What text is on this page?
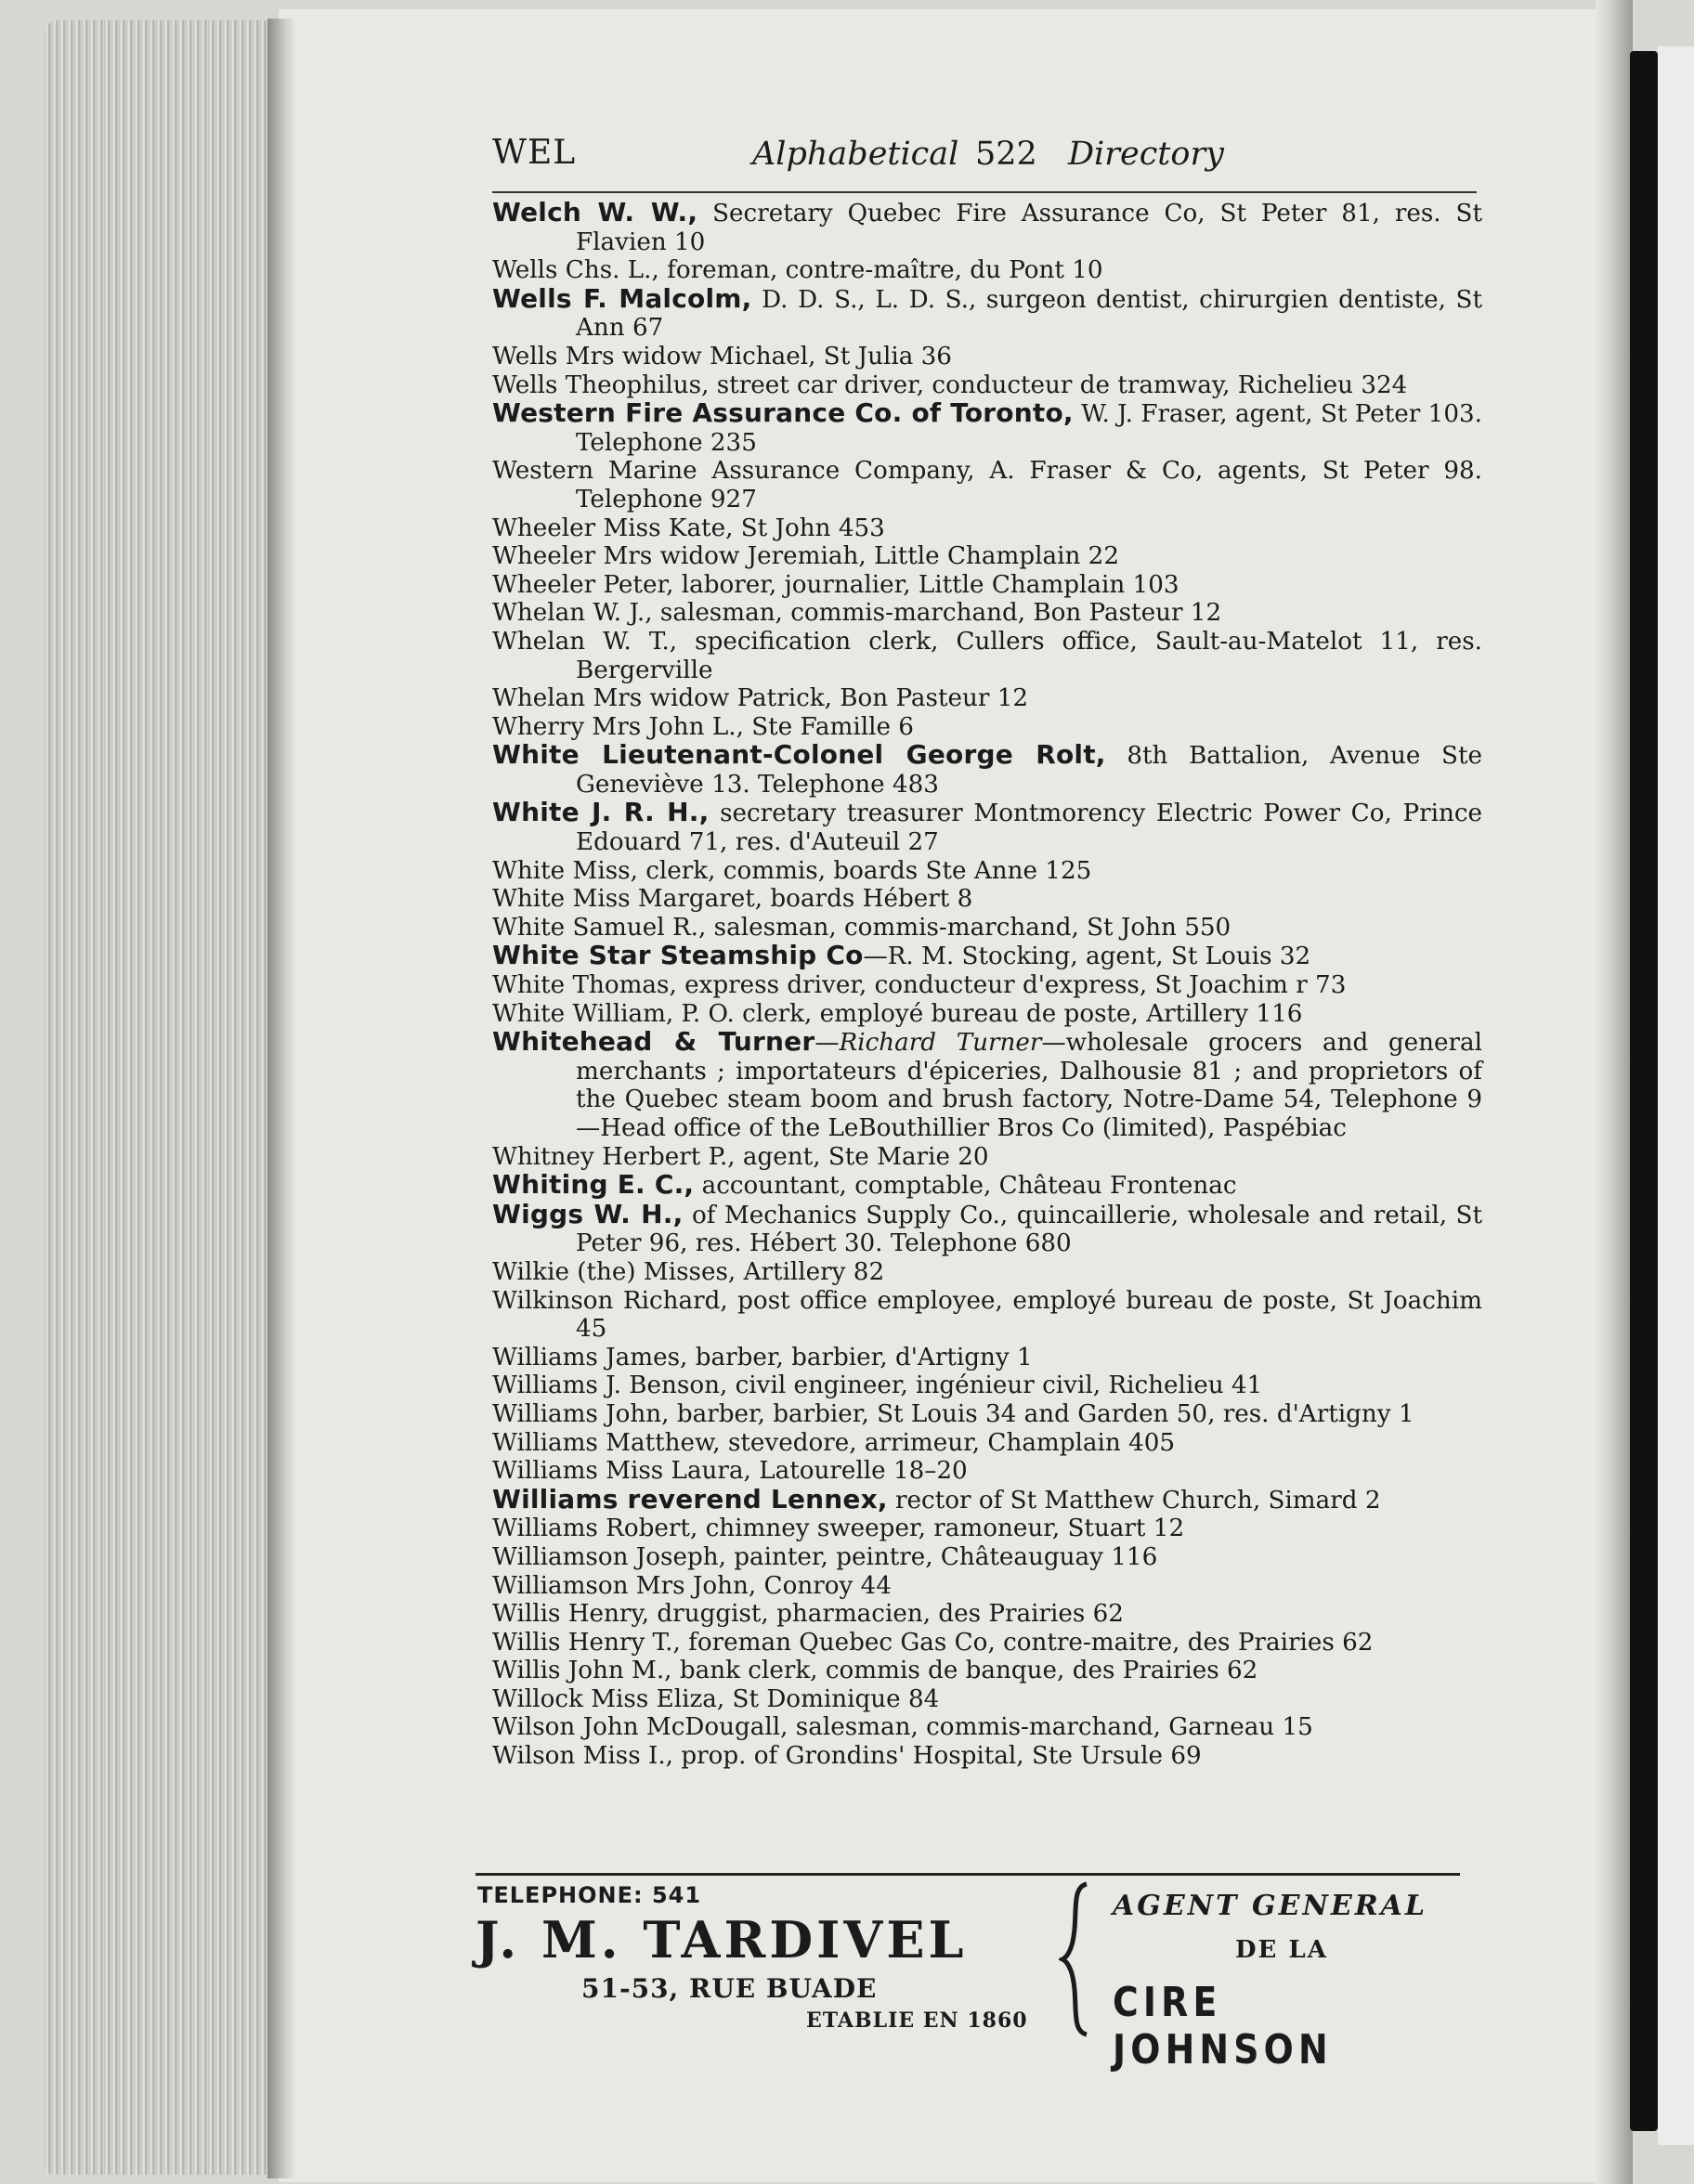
WEL	Alphabetical 522 Directory
Welch W. W., Secretary Quebec Fire Assurance Co, St Peter 81, res. St Flavien 10
Wells Chs. L., foreman, contre-maître, du Pont 10
Wells F. Malcolm, D. D. S., L. D. S., surgeon dentist, chirurgien dentiste, St Ann 67
Wells Mrs widow Michael, St Julia 36
Wells Theophilus, street car driver, conducteur de tramway, Richelieu 324
Western Fire Assurance Co. of Toronto, W. J. Fraser, agent, St Peter 103. Telephone 235
Western Marine Assurance Company, A. Fraser & Co, agents, St Peter 98. Telephone 927
Wheeler Miss Kate, St John 453
Wheeler Mrs widow Jeremiah, Little Champlain 22
Wheeler Peter, laborer, journalier, Little Champlain 103
Whelan W. J., salesman, commis-marchand, Bon Pasteur 12
Whelan W. T., specification clerk, Cullers office, Sault-au-Matelot 11, res. Bergerville
Whelan Mrs widow Patrick, Bon Pasteur 12
Wherry Mrs John L., Ste Famille 6
White Lieutenant-Colonel George Rolt, 8th Battalion, Avenue Ste Geneviève 13. Telephone 483
White J. R. H., secretary treasurer Montmorency Electric Power Co, Prince Edouard 71, res. d'Auteuil 27
White Miss, clerk, commis, boards Ste Anne 125
White Miss Margaret, boards Hébert 8
White Samuel R., salesman, commis-marchand, St John 550
White Star Steamship Co—R. M. Stocking, agent, St Louis 32
White Thomas, express driver, conducteur d'express, St Joachim r 73
White William, P. O. clerk, employé bureau de poste, Artillery 116
Whitehead & Turner—Richard Turner—wholesale grocers and general merchants ; importateurs d'épiceries, Dalhousie 81 ; and proprietors of the Quebec steam boom and brush factory, Notre-Dame 54, Telephone 9—Head office of the LeBouthillier Bros Co (limited), Paspébiac
Whitney Herbert P., agent, Ste Marie 20
Whiting E. C., accountant, comptable, Château Frontenac
Wiggs W. H., of Mechanics Supply Co., quincaillerie, wholesale and retail, St Peter 96, res. Hébert 30. Telephone 680
Wilkie (the) Misses, Artillery 82
Wilkinson Richard, post office employee, employé bureau de poste, St Joachim 45
Williams James, barber, barbier, d'Artigny 1
Williams J. Benson, civil engineer, ingénieur civil, Richelieu 41
Williams John, barber, barbier, St Louis 34 and Garden 50, res. d'Artigny 1
Williams Matthew, stevedore, arrimeur, Champlain 405
Williams Miss Laura, Latourelle 18–20
Williams reverend Lennex, rector of St Matthew Church, Simard 2
Williams Robert, chimney sweeper, ramoneur, Stuart 12
Williamson Joseph, painter, peintre, Châteauguay 116
Williamson Mrs John, Conroy 44
Willis Henry, druggist, pharmacien, des Prairies 62
Willis Henry T., foreman Quebec Gas Co, contre-maitre, des Prairies 62
Willis John M., bank clerk, commis de banque, des Prairies 62
Willock Miss Eliza, St Dominique 84
Wilson John McDougall, salesman, commis-marchand, Garneau 15
Wilson Miss I., prop. of Grondins' Hospital, Ste Ursule 69
TELEPHONE: 541
J. M. TARDIVEL
51-53, RUE BUADE
ETABLIE EN 1860
AGENT GENERAL
DE LA
CIRE JOHNSON
